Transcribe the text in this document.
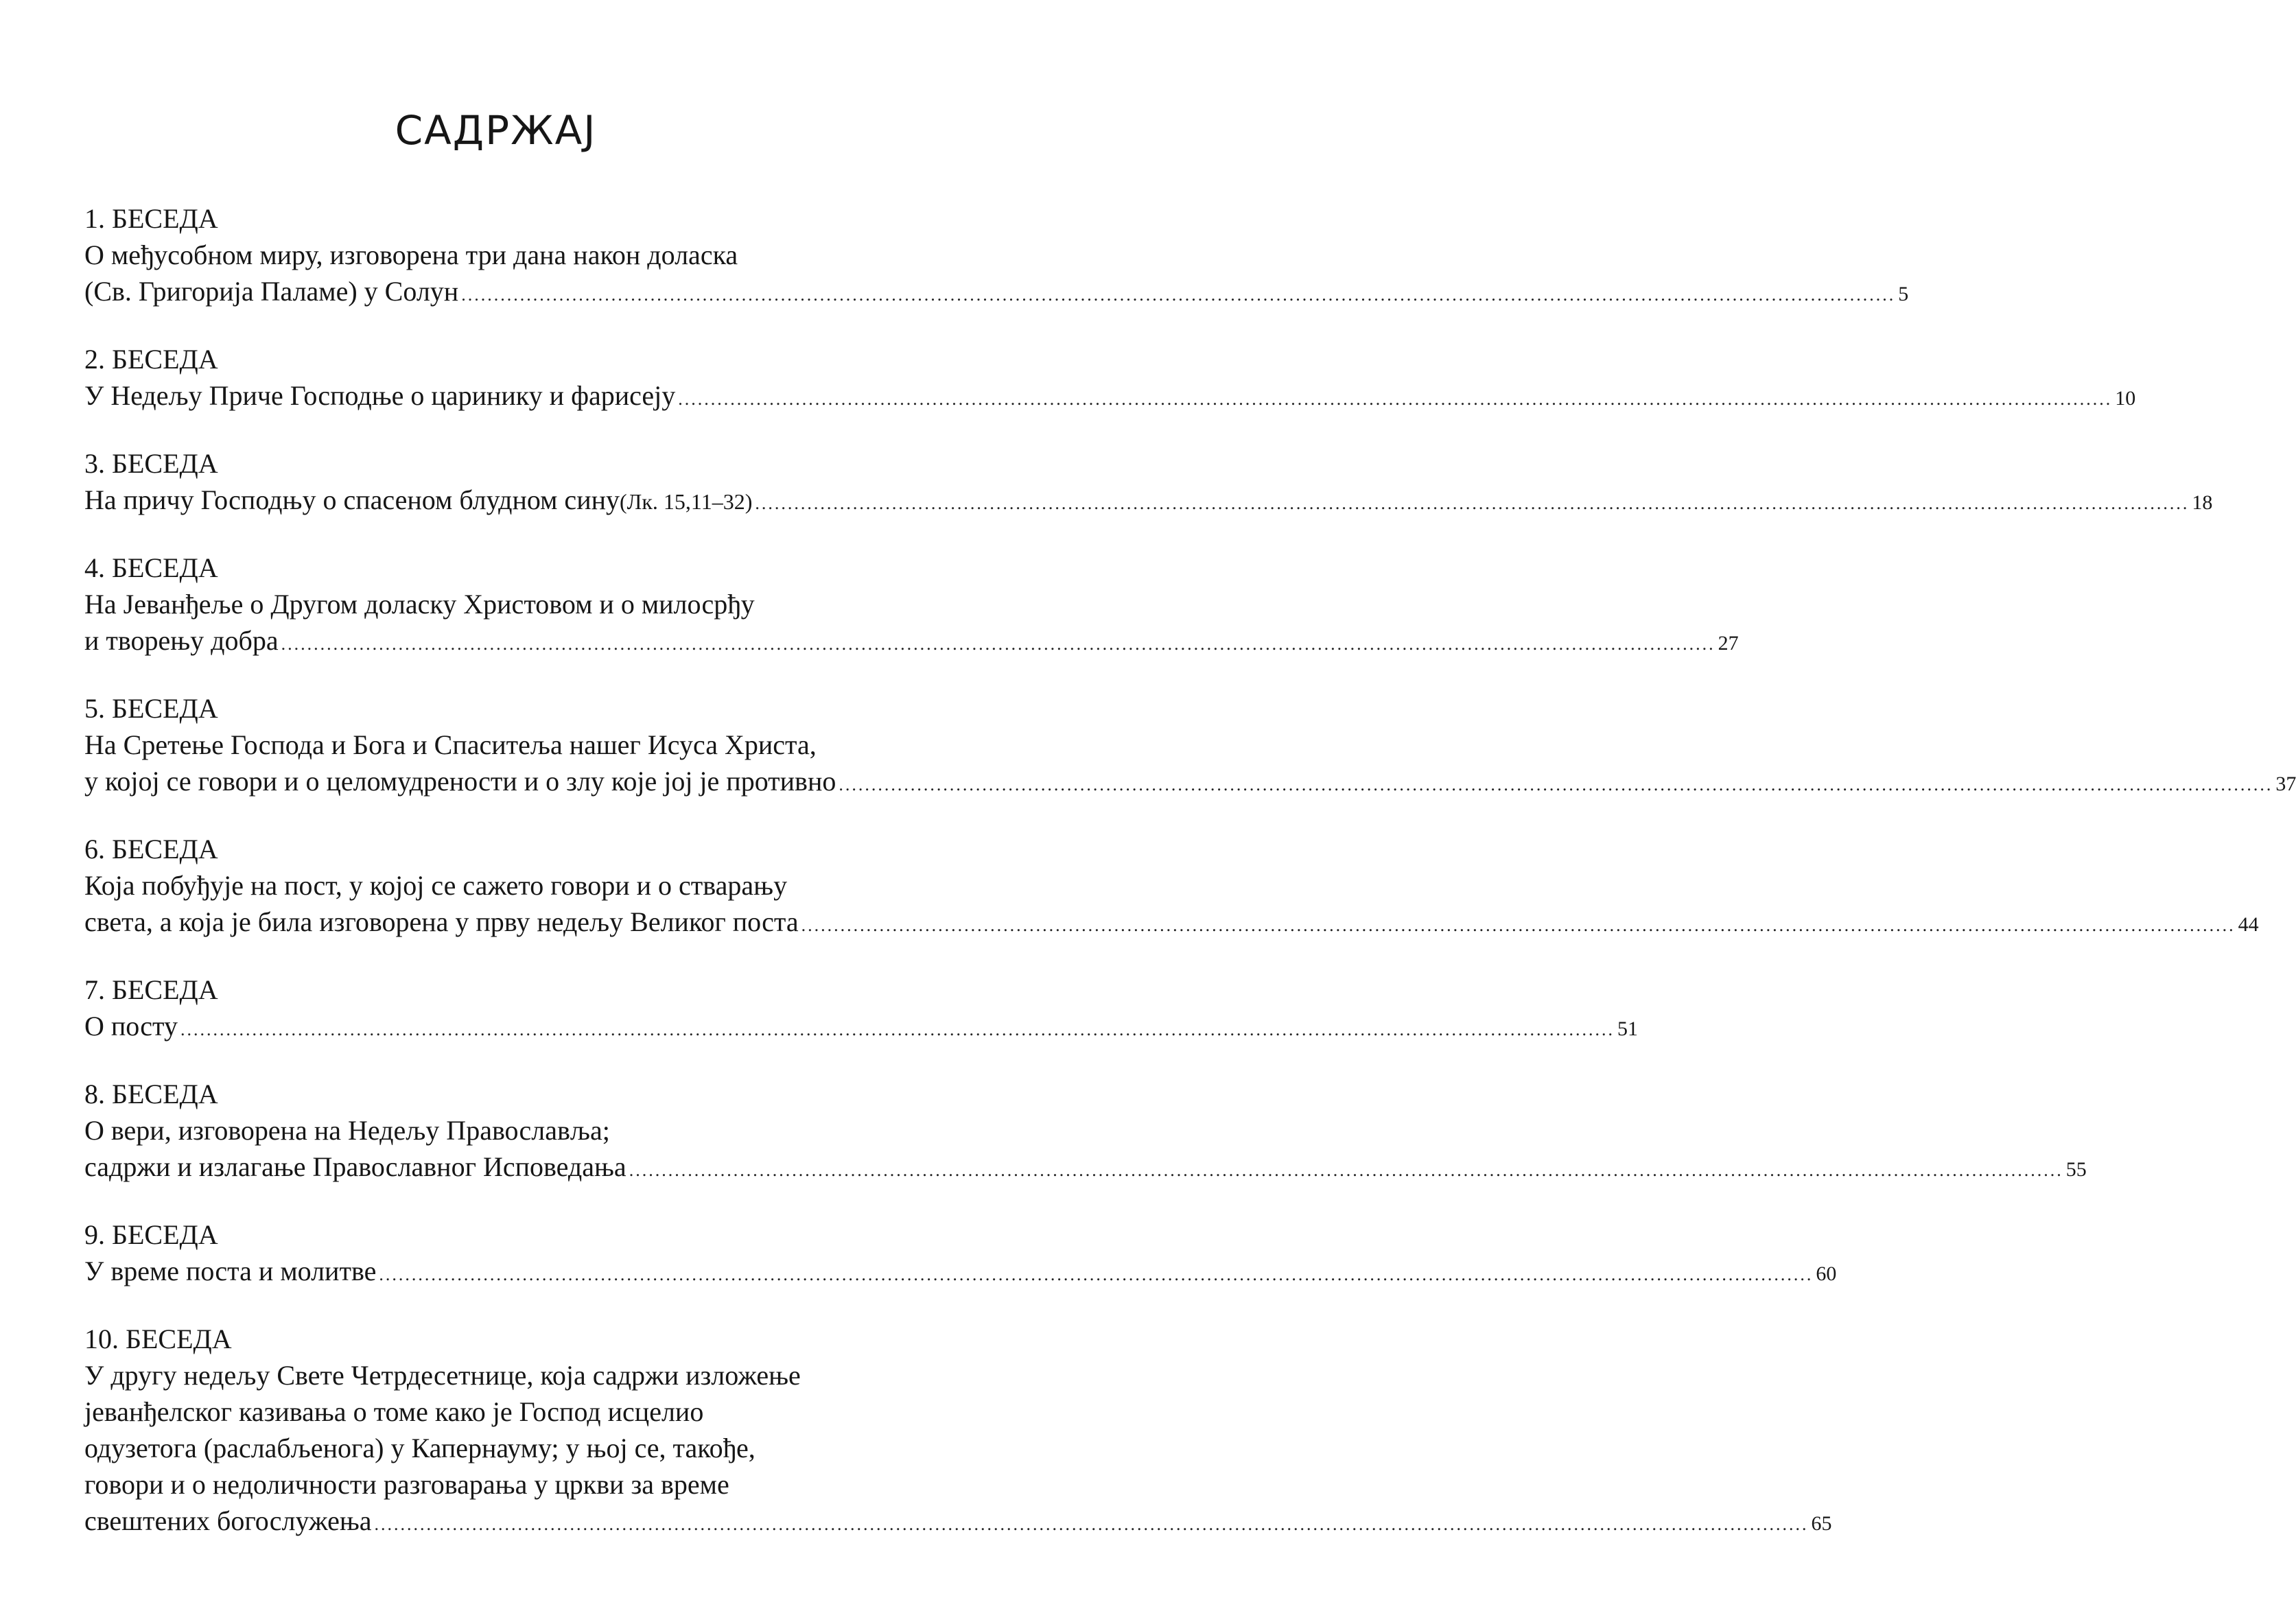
САДРЖАЈ
1. БЕСЕДА
О међусобном миру, изговорена три дана након доласка
(Св. Григорија Паламе) у Солун ............................................................................................................................................................................................................................ 5
2. БЕСЕДА
У Недељу Приче Господње о царинику и фарисеју ............................................................................................................................................................................................................................ 10
3. БЕСЕДА
На причу Господњу о спасеном блудном сину (Лк. 15,11–32) ............................................................................................................................................................................................................................ 18
4. БЕСЕДА
На Јеванђеље о Другом доласку Христовом и о милосрђу
и творењу добра ............................................................................................................................................................................................................................ 27
5. БЕСЕДА
На Сретење Господа и Бога и Спаситеља нашег Исуса Христа,
у којој се говори и о целомудрености и о злу које јој је противно ............................................................................................................................................................................................................................ 37
6. БЕСЕДА
Која побуђује на пост, у којој се сажето говори и о стварању
света, а која је била изговорена у прву недељу Великог поста ............................................................................................................................................................................................................................ 44
7. БЕСЕДА
О посту ............................................................................................................................................................................................................................ 51
8. БЕСЕДА
О вери, изговорена на Недељу Православља;
садржи и излагање Православног Исповедања ............................................................................................................................................................................................................................ 55
9. БЕСЕДА
У време поста и молитве ............................................................................................................................................................................................................................ 60
10. БЕСЕДА
У другу недељу Свете Четрдесетнице, која садржи изложење
јеванђелског казивања о томе како је Господ исцелио
одузетога (раслабљенога) у Капернауму; у њој се, такође,
говори и о недоличности разговарања у цркви за време
свештених богослужења ............................................................................................................................................................................................................................ 65
